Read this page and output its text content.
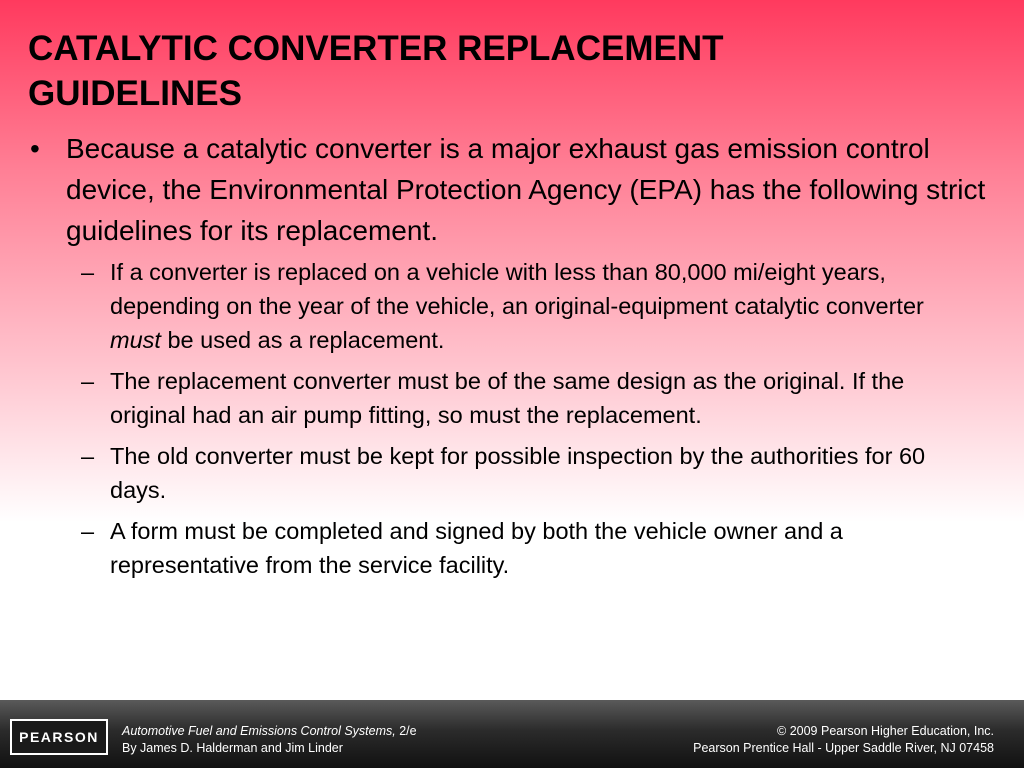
CATALYTIC CONVERTER REPLACEMENT
GUIDELINES

• Because a catalytic converter is a major exhaust gas emission control device, the Environmental Protection Agency (EPA) has the following strict guidelines for its replacement.

– If a converter is replaced on a vehicle with less than 80,000 mi/eight years, depending on the year of the vehicle, an original-equipment catalytic converter must be used as a replacement.
– The replacement converter must be of the same design as the original. If the original had an air pump fitting, so must the replacement.
– The old converter must be kept for possible inspection by the authorities for 60 days.
– A form must be completed and signed by both the vehicle owner and a representative from the service facility.
PEARSON	Automotive Fuel and Emissions Control Systems, 2/e
By James D. Halderman and Jim Linder
© 2009 Pearson Higher Education, Inc.
Pearson Prentice Hall - Upper Saddle River, NJ 07458
